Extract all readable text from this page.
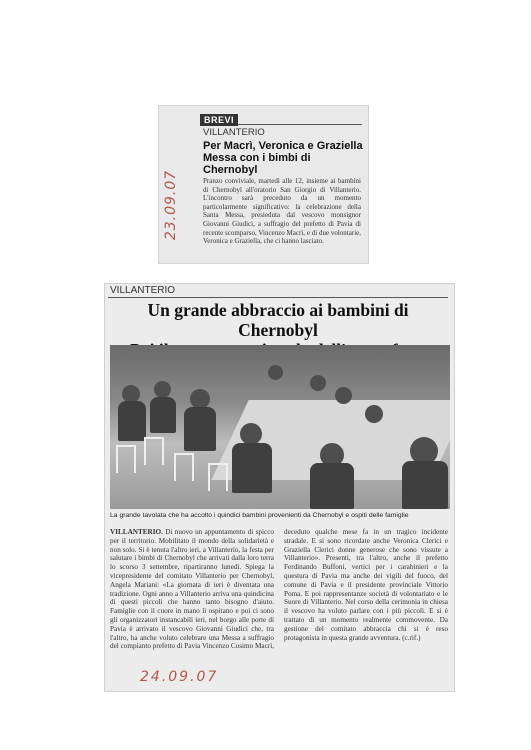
23.09.07
BREVI
VILLANTERIO
Per Macrì, Veronica e Graziella Messa con i bimbi di Chernobyl
Pranzo conviviale, martedì alle 12, insieme ai bambini di Chernobyl all'oratorio San Giorgio di Villanterio. L'incontro sarà preceduto da un momento particolarmente significativo: la celebrazione della Santa Messa, presieduta dal vescovo monsignor Giovanni Giudici, a suffragio del prefetto di Pavia di recente scomparso, Vincenzo Macrì, e di due volontarie, Veronica e Graziella, che ci hanno lasciato.
VILLANTERIO
Un grande abbraccio ai bambini di Chernobyl
La grande tavolata che ha accolto i quindici bambini provenienti da Chernobyl e ospiti delle famiglie
VILLANTERIO. Di nuovo un appuntamento di spicco per il territorio. Mobilitato il mondo della solidarietà e non solo. Si è tenuta l'altro ieri, a Villanterio, la festa per salutare i bimbi di Chernobyl che arrivati dalla loro terra lo scorso 3 settembre, ripartiranno lunedì. Spiega la vicepresidente del comitato Villanterio per Chernobyl, Angela Mariani: «La giornata di ieri è diventata una tradizione. Ogni anno a Villanterio arriva una quindicina di questi piccoli che hanno tanto bisogno d'aiuto. Famiglie con il cuore in mano li ospitano e poi ci sono gli organizzatori instancabili ieri, nel borgo alle porte di Pavia è arrivato il vescovo Giovanni Giudici che, tra l'altro, ha anche voluto celebrare una Messa a suffragio del compianto prefetto di Pavia Vincenzo Cosimo Macrì, deceduto qualche mese fa in un tragico incidente stradale. E si sono ricordate anche Veronica Clerici e Graziella Clerici donne generose che sono vissute a Villanterio». Presenti, tra l'altro, anche il prefetto Ferdinando Buffoni, vertici per i carabinieri e la questura di Pavia ma anche dei vigili del fuoco, del comune di Pavia e il presidente provinciale Vittorio Poma. E poi rappresentanze società di volontariato e le Suore di Villanterio. Nel corso della cerimonia in chiesa il vescovo ha voluto parlare con i più piccoli. E si è trattato di un momento realmente commovente. Da gestione del comitato abbraccia chi si è reso protagonista in questa grande avventura. (c.rif.)
24.09.07
